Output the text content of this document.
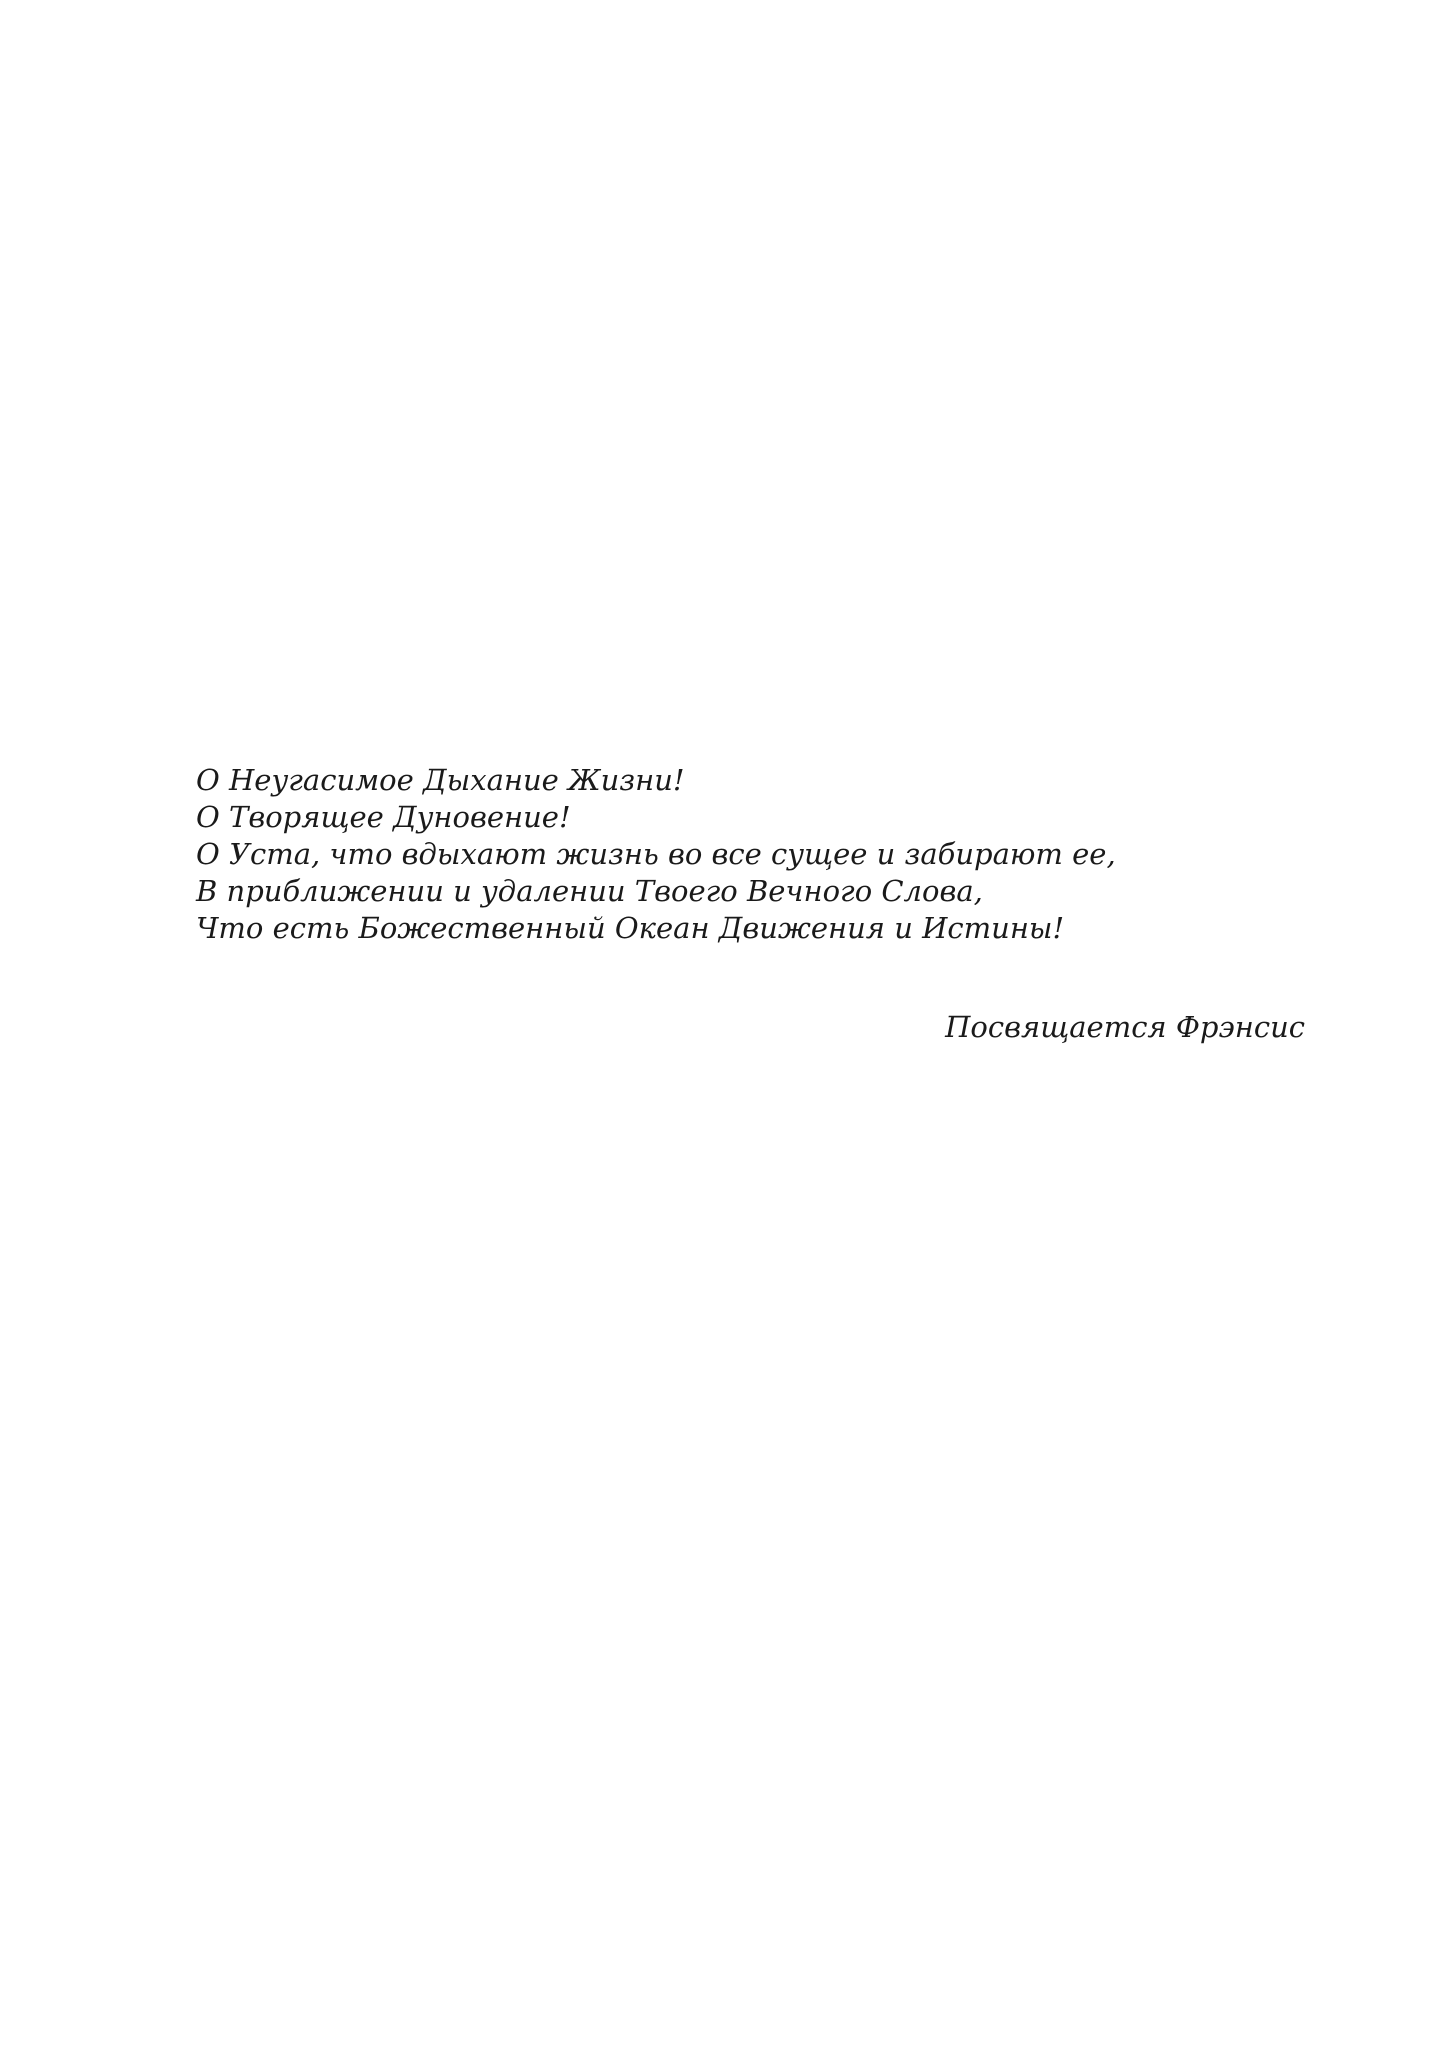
О Неугасимое Дыхание Жизни!
О Творящее Дуновение!
О Уста, что вдыхают жизнь во все сущее и забирают ее,
В приближении и удалении Твоего Вечного Слова,
Что есть Божественный Океан Движения и Истины!
Посвящается Фрэнсис
